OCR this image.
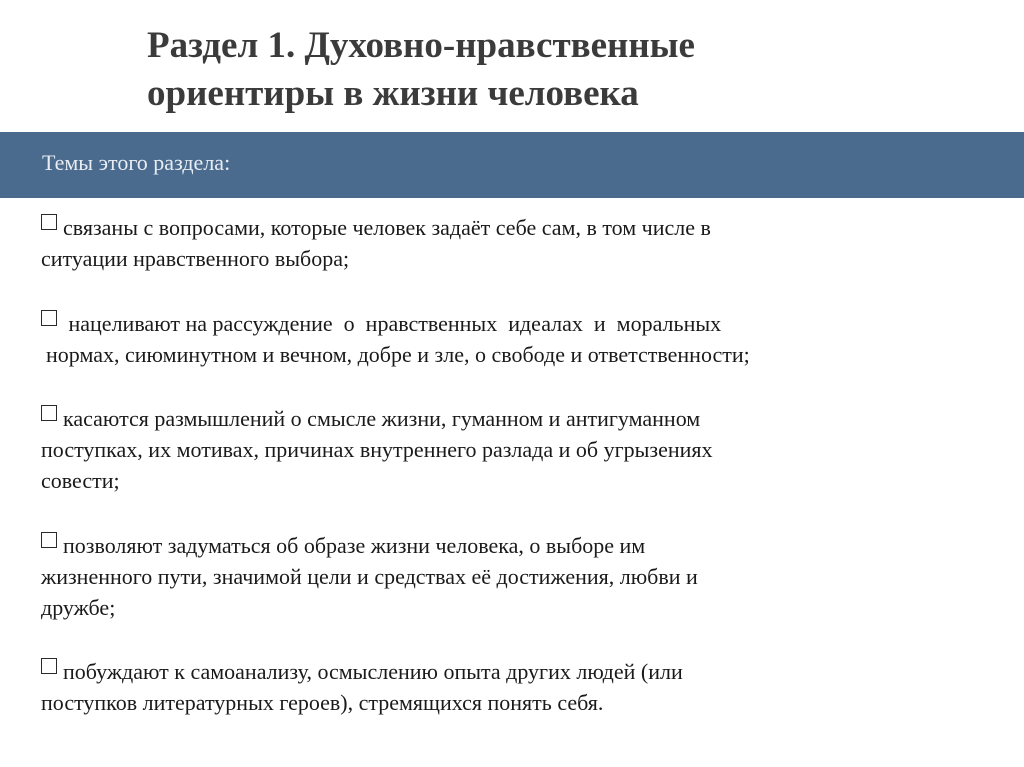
Раздел 1. Духовно-нравственные
ориентиры в жизни человека
Темы этого раздела:

связаны с вопросами, которые человек задаёт себе сам, в том числе в
ситуации нравственного выбора;

нацеливают на рассуждение  о  нравственных  идеалах  и  моральных
нормах, сиюминутном и вечном, добре и зле, о свободе и ответственности;

касаются размышлений о смысле жизни, гуманном и антигуманном
поступках, их мотивах, причинах внутреннего разлада и об угрызениях
совести;

позволяют задуматься об образе жизни человека, о выборе им
жизненного пути, значимой цели и средствах её достижения, любви и
дружбе;

побуждают к самоанализу, осмыслению опыта других людей (или
поступков литературных героев), стремящихся понять себя.
